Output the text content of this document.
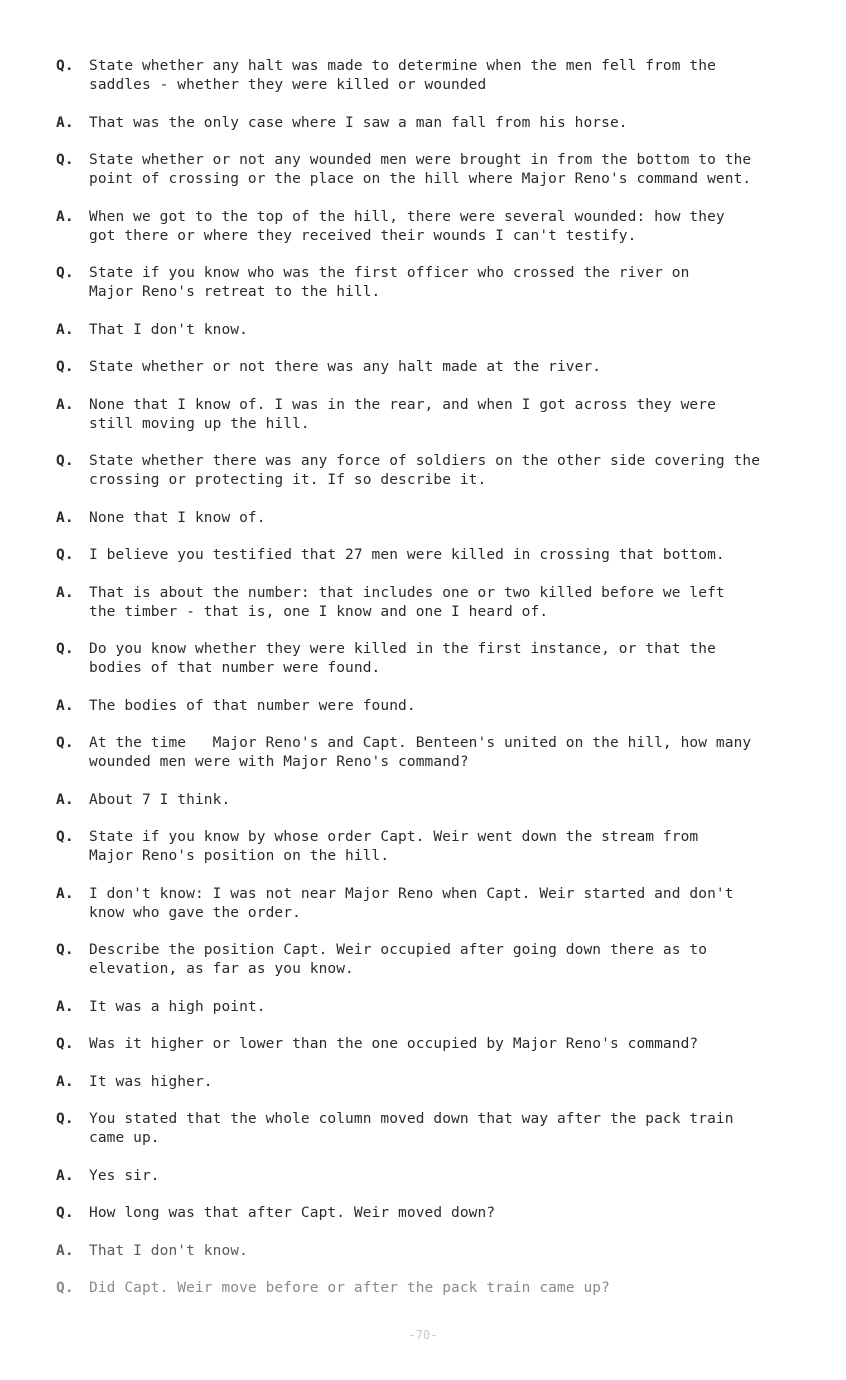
Q.	State whether any halt was made to determine when the men fell from the
saddles - whether they were killed or wounded
A.	That was the only case where I saw a man fall from his horse.
Q.	State whether or not any wounded men were brought in from the bottom to the
point of crossing or the place on the hill where Major Reno's command went.
A.	When we got to the top of the hill, there were several wounded: how they
got there or where they received their wounds I can't testify.
Q.	State if you know who was the first officer who crossed the river on
Major Reno's retreat to the hill.
A.	That I don't know.
Q.	State whether or not there was any halt made at the river.
A.	None that I know of. I was in the rear, and when I got across they were
still moving up the hill.
Q.	State whether there was any force of soldiers on the other side covering the
crossing or protecting it. If so describe it.
A.	None that I know of.
Q.	I believe you testified that 27 men were killed in crossing that bottom.
A.	That is about the number: that includes one or two killed before we left
the timber - that is, one I know and one I heard of.
Q.	Do you know whether they were killed in the first instance, or that the
bodies of that number were found.
A.	The bodies of that number were found.
Q.	At the time   Major Reno's and Capt. Benteen's united on the hill, how many
wounded men were with Major Reno's command?
A.	About 7 I think.
Q.	State if you know by whose order Capt. Weir went down the stream from
Major Reno's position on the hill.
A.	I don't know: I was not near Major Reno when Capt. Weir started and don't
know who gave the order.
Q.	Describe the position Capt. Weir occupied after going down there as to
elevation, as far as you know.
A.	It was a high point.
Q.	Was it higher or lower than the one occupied by Major Reno's command?
A.	It was higher.
Q.	You stated that the whole column moved down that way after the pack train
came up.
A.	Yes sir.
Q.	How long was that after Capt. Weir moved down?
A.	That I don't know.
Q.	Did Capt. Weir move before or after the pack train came up?
-70-
